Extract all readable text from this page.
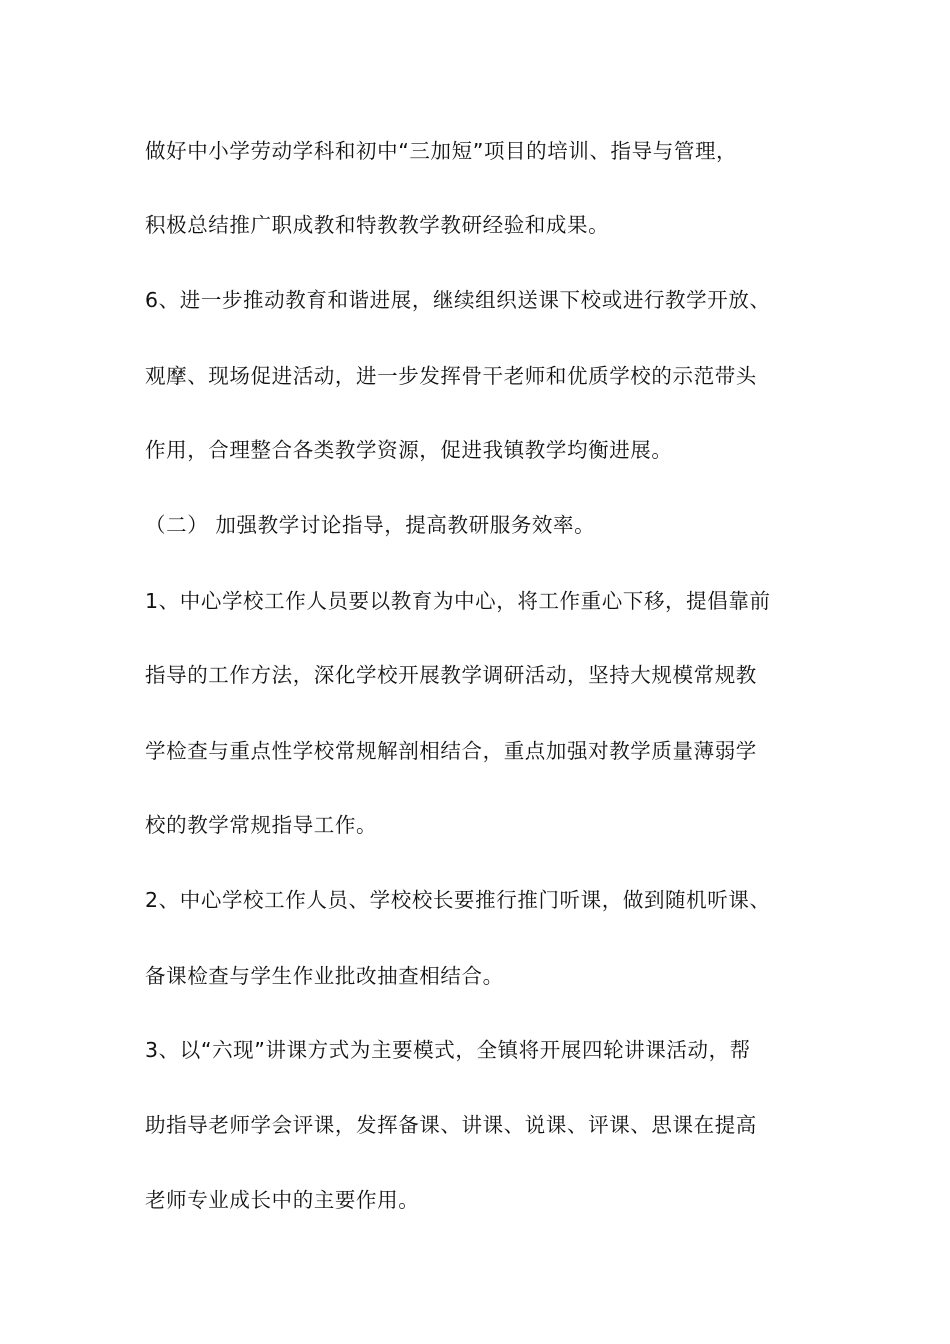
做好中小学劳动学科和初中“三加短”项目的培训、指导与管理，
积极总结推广职成教和特教教学教研经验和成果。
6、进一步推动教育和谐进展，继续组织送课下校或进行教学开放、
观摩、现场促进活动，进一步发挥骨干老师和优质学校的示范带头
作用，合理整合各类教学资源，促进我镇教学均衡进展。
（二） 加强教学讨论指导，提高教研服务效率。
1、中心学校工作人员要以教育为中心，将工作重心下移，提倡靠前
指导的工作方法，深化学校开展教学调研活动，坚持大规模常规教
学检查与重点性学校常规解剖相结合，重点加强对教学质量薄弱学
校的教学常规指导工作。
2、中心学校工作人员、学校校长要推行推门听课，做到随机听课、
备课检查与学生作业批改抽查相结合。
3、以“六现”讲课方式为主要模式，全镇将开展四轮讲课活动，帮
助指导老师学会评课，发挥备课、讲课、说课、评课、思课在提高
老师专业成长中的主要作用。
